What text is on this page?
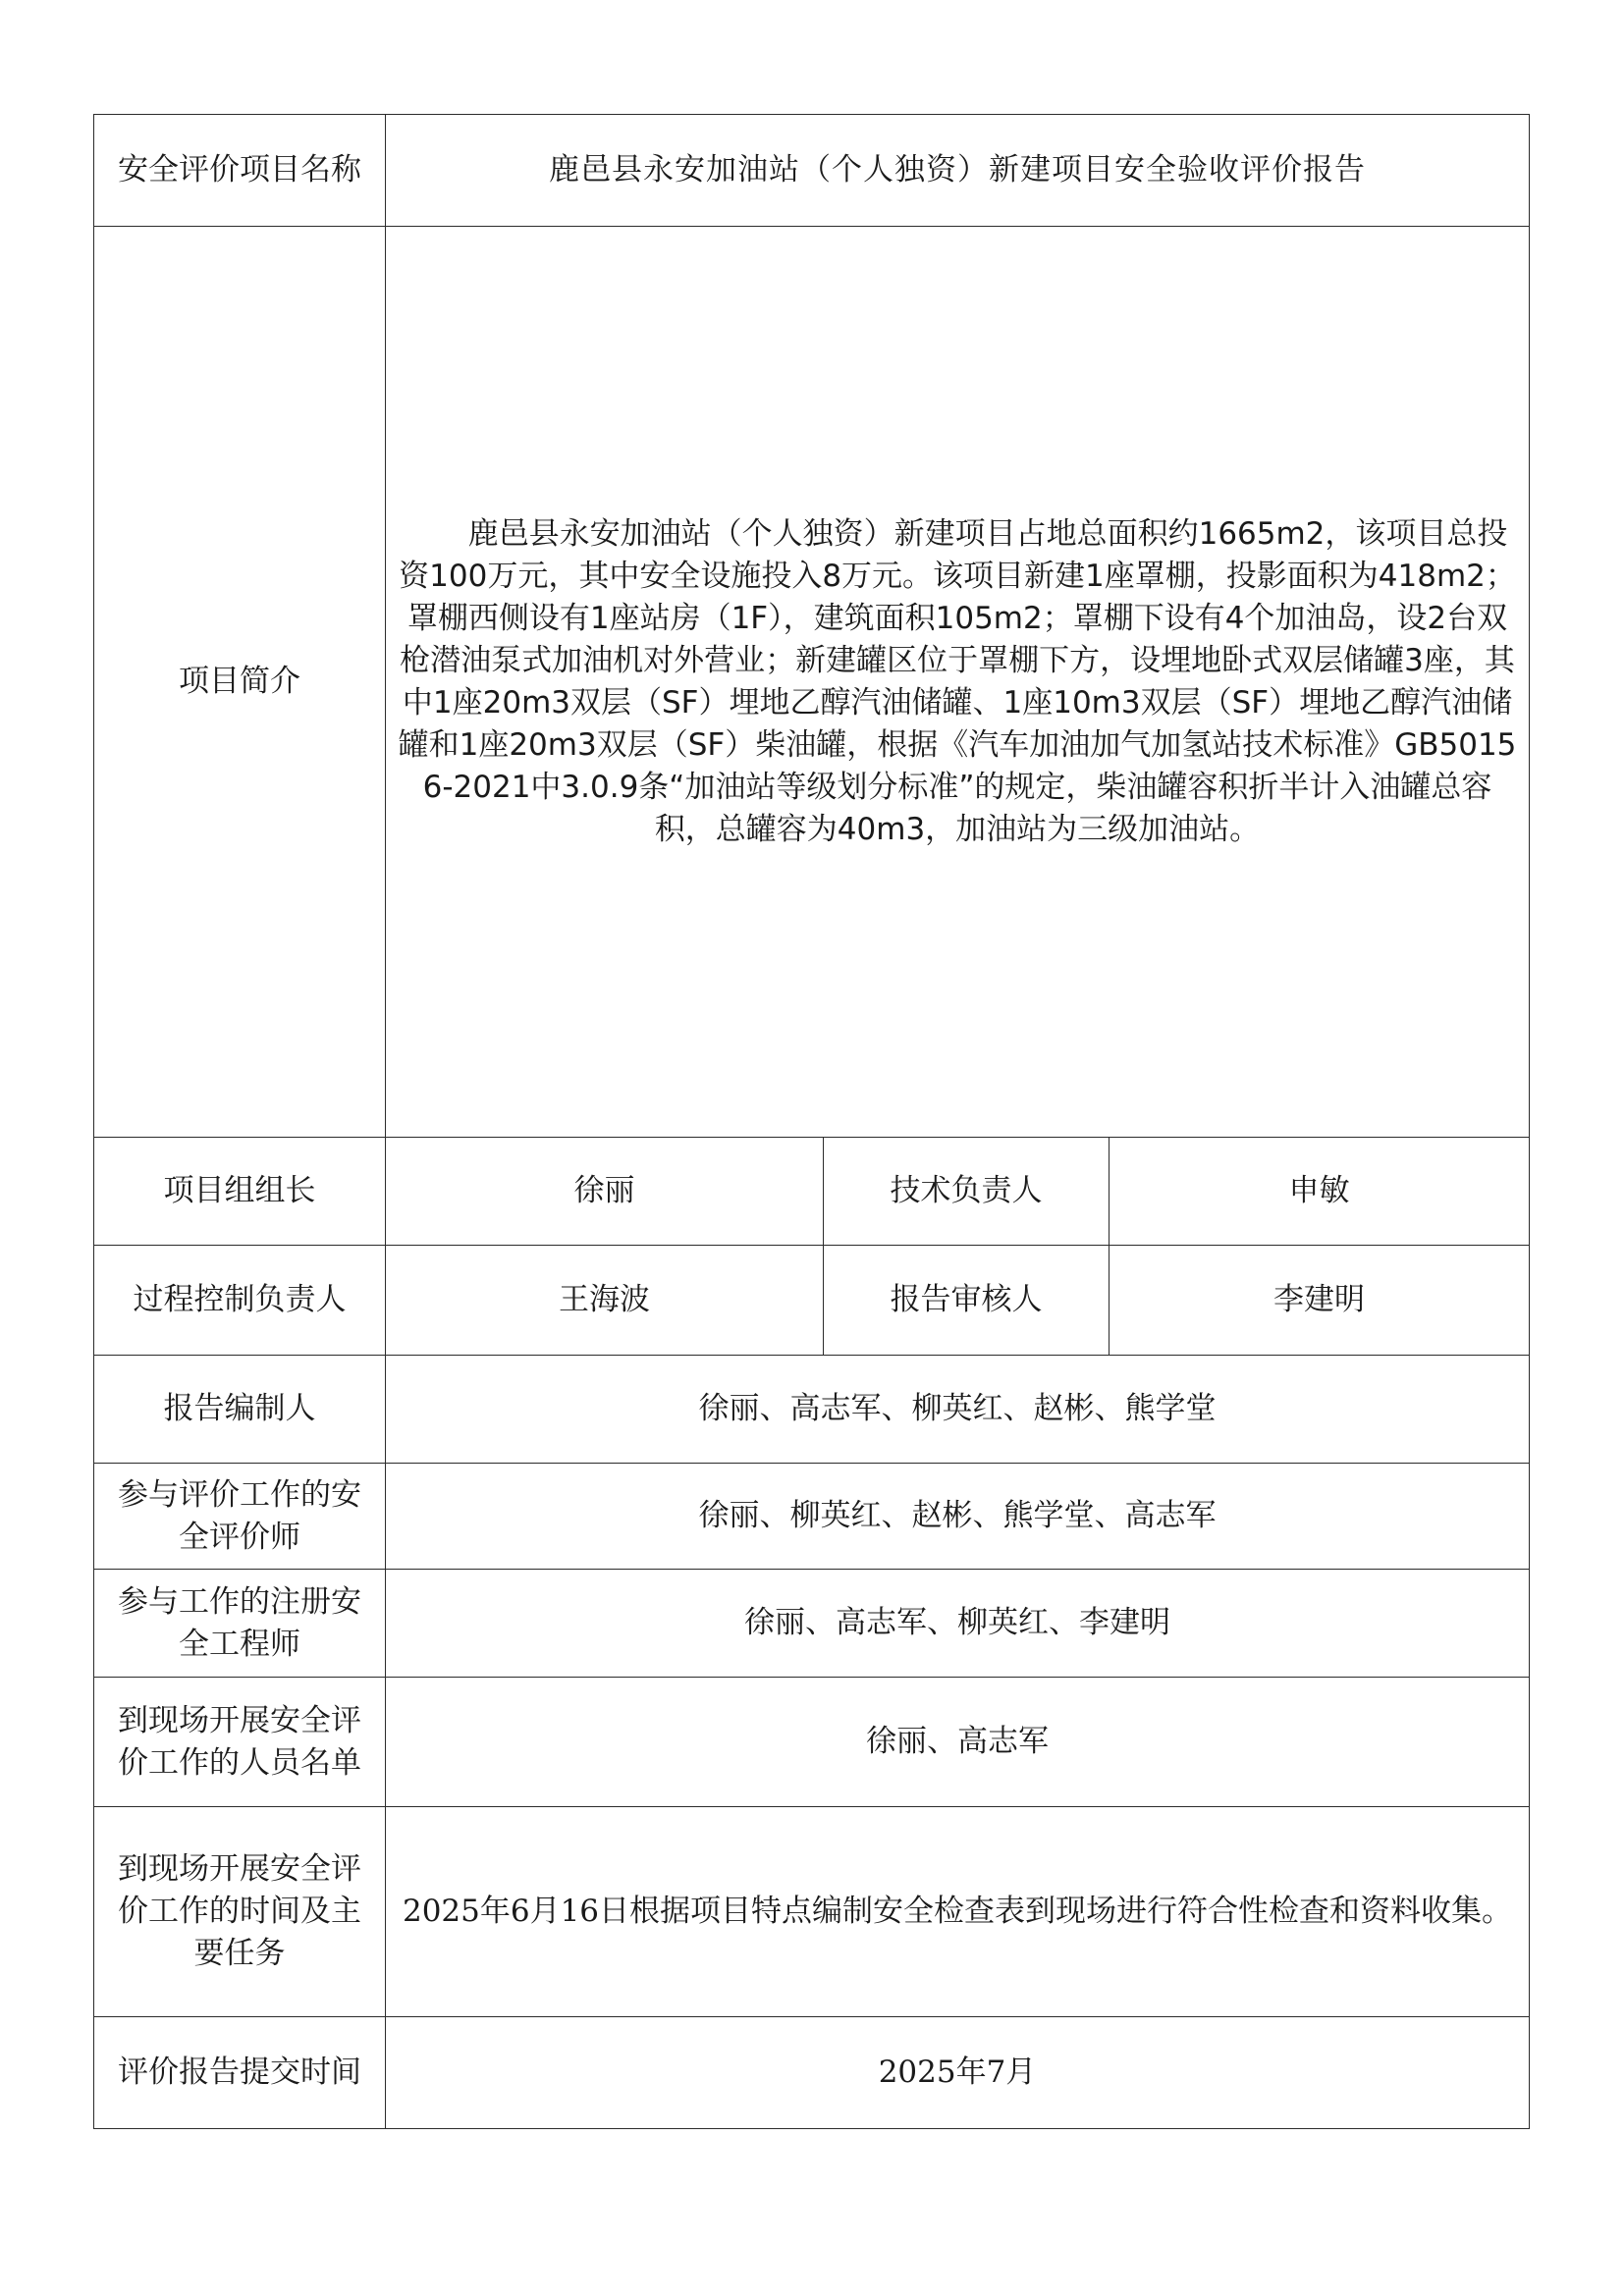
安全评价项目名称	鹿邑县永安加油站（个人独资）新建项目安全验收评价报告		
项目简介	鹿邑县永安加油站（个人独资）新建项目占地总面积约1665m2，该项目总投资100万元，其中安全设施投入8万元。该项目新建1座罩棚，投影面积为418m2；罩棚西侧设有1座站房（1F），建筑面积105m2；罩棚下设有4个加油岛，设2台双枪潜油泵式加油机对外营业；新建罐区位于罩棚下方，设埋地卧式双层储罐3座，其中1座20m3双层（SF）埋地乙醇汽油储罐、1座10m3双层（SF）埋地乙醇汽油储罐和1座20m3双层（SF）柴油罐，根据《汽车加油加气加氢站技术标准》GB50156-2021中3.0.9条“加油站等级划分标准”的规定，柴油罐容积折半计入油罐总容积，总罐容为40m3，加油站为三级加油站。		
项目组组长	徐丽	技术负责人	申敏
过程控制负责人	王海波	报告审核人	李建明
报告编制人	徐丽、高志军、柳英红、赵彬、熊学堂		
参与评价工作的安全评价师	徐丽、柳英红、赵彬、熊学堂、高志军		
参与工作的注册安全工程师	徐丽、高志军、柳英红、李建明		
到现场开展安全评价工作的人员名单	徐丽、高志军		
到现场开展安全评价工作的时间及主要任务	2025年6月16日根据项目特点编制安全检查表到现场进行符合性检查和资料收集。		
评价报告提交时间	2025年7月		
